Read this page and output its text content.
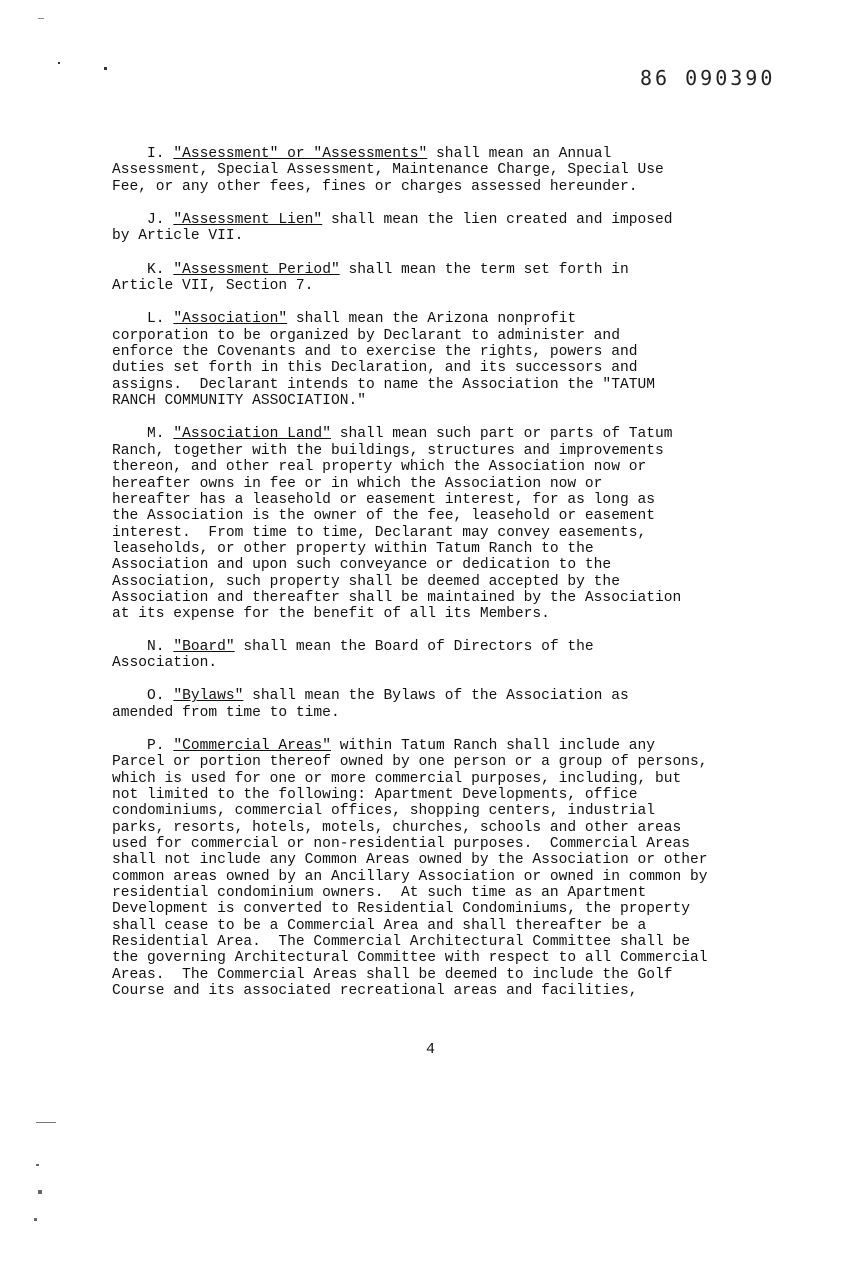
86 090390

I. "Assessment" or "Assessments" shall mean an Annual
Assessment, Special Assessment, Maintenance Charge, Special Use
Fee, or any other fees, fines or charges assessed hereunder.

J. "Assessment Lien" shall mean the lien created and imposed
by Article VII.

K. "Assessment Period" shall mean the term set forth in
Article VII, Section 7.

L. "Association" shall mean the Arizona nonprofit
corporation to be organized by Declarant to administer and
enforce the Covenants and to exercise the rights, powers and
duties set forth in this Declaration, and its successors and
assigns.  Declarant intends to name the Association the "TATUM
RANCH COMMUNITY ASSOCIATION."

M. "Association Land" shall mean such part or parts of Tatum
Ranch, together with the buildings, structures and improvements
thereon, and other real property which the Association now or
hereafter owns in fee or in which the Association now or
hereafter has a leasehold or easement interest, for as long as
the Association is the owner of the fee, leasehold or easement
interest.  From time to time, Declarant may convey easements,
leaseholds, or other property within Tatum Ranch to the
Association and upon such conveyance or dedication to the
Association, such property shall be deemed accepted by the
Association and thereafter shall be maintained by the Association
at its expense for the benefit of all its Members.

N. "Board" shall mean the Board of Directors of the
Association.

O. "Bylaws" shall mean the Bylaws of the Association as
amended from time to time.

P. "Commercial Areas" within Tatum Ranch shall include any
Parcel or portion thereof owned by one person or a group of persons,
which is used for one or more commercial purposes, including, but
not limited to the following: Apartment Developments, office
condominiums, commercial offices, shopping centers, industrial
parks, resorts, hotels, motels, churches, schools and other areas
used for commercial or non-residential purposes.  Commercial Areas
shall not include any Common Areas owned by the Association or other
common areas owned by an Ancillary Association or owned in common by
residential condominium owners.  At such time as an Apartment
Development is converted to Residential Condominiums, the property
shall cease to be a Commercial Area and shall thereafter be a
Residential Area.  The Commercial Architectural Committee shall be
the governing Architectural Committee with respect to all Commercial
Areas.  The Commercial Areas shall be deemed to include the Golf
Course and its associated recreational areas and facilities,

4
